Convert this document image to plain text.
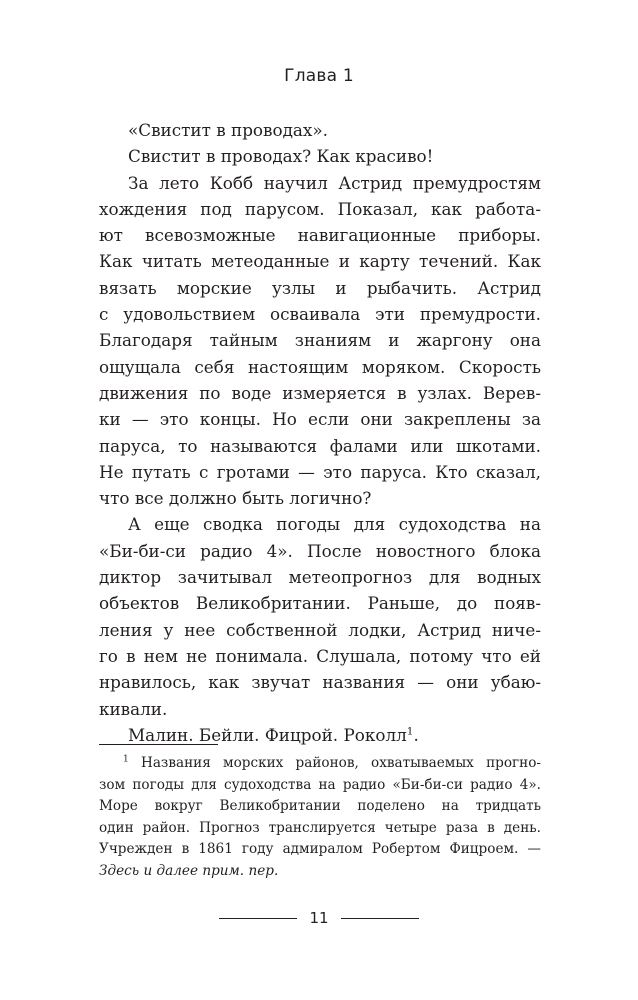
Глава 1
«Свистит в проводах».
Свистит в проводах? Как красиво!
За лето Кобб научил Астрид премудростям
хождения под парусом. Показал, как работа-
ют всевозможные навигационные приборы.
Как читать метеоданные и карту течений. Как
вязать морские узлы и рыбачить. Астрид
с удовольствием осваивала эти премудрости.
Благодаря тайным знаниям и жаргону она
ощущала себя настоящим моряком. Скорость
движения по воде измеряется в узлах. Верев-
ки — это концы. Но если они закреплены за
паруса, то называются фалами или шкотами.
Не путать с гротами — это паруса. Кто сказал,
что все должно быть логично?
А еще сводка погоды для судоходства на
«Би-би-си радио 4». После новостного блока
диктор зачитывал метеопрогноз для водных
объектов Великобритании. Раньше, до появ-
ления у нее собственной лодки, Астрид ниче-
го в нем не понимала. Слушала, потому что ей
нравилось, как звучат названия — они убаю-
кивали.
Малин. Бейли. Фицрой. Роколл$^1$.
$^1$ Названия морских районов, охватываемых прогно-
зом погоды для судоходства на радио «Би-би-си радио 4».
Море вокруг Великобритании поделено на тридцать
один район. Прогноз транслируется четыре раза в день.
Учрежден в 1861 году адмиралом Робертом Фицроем. —
Здесь и далее прим. пер.
11
